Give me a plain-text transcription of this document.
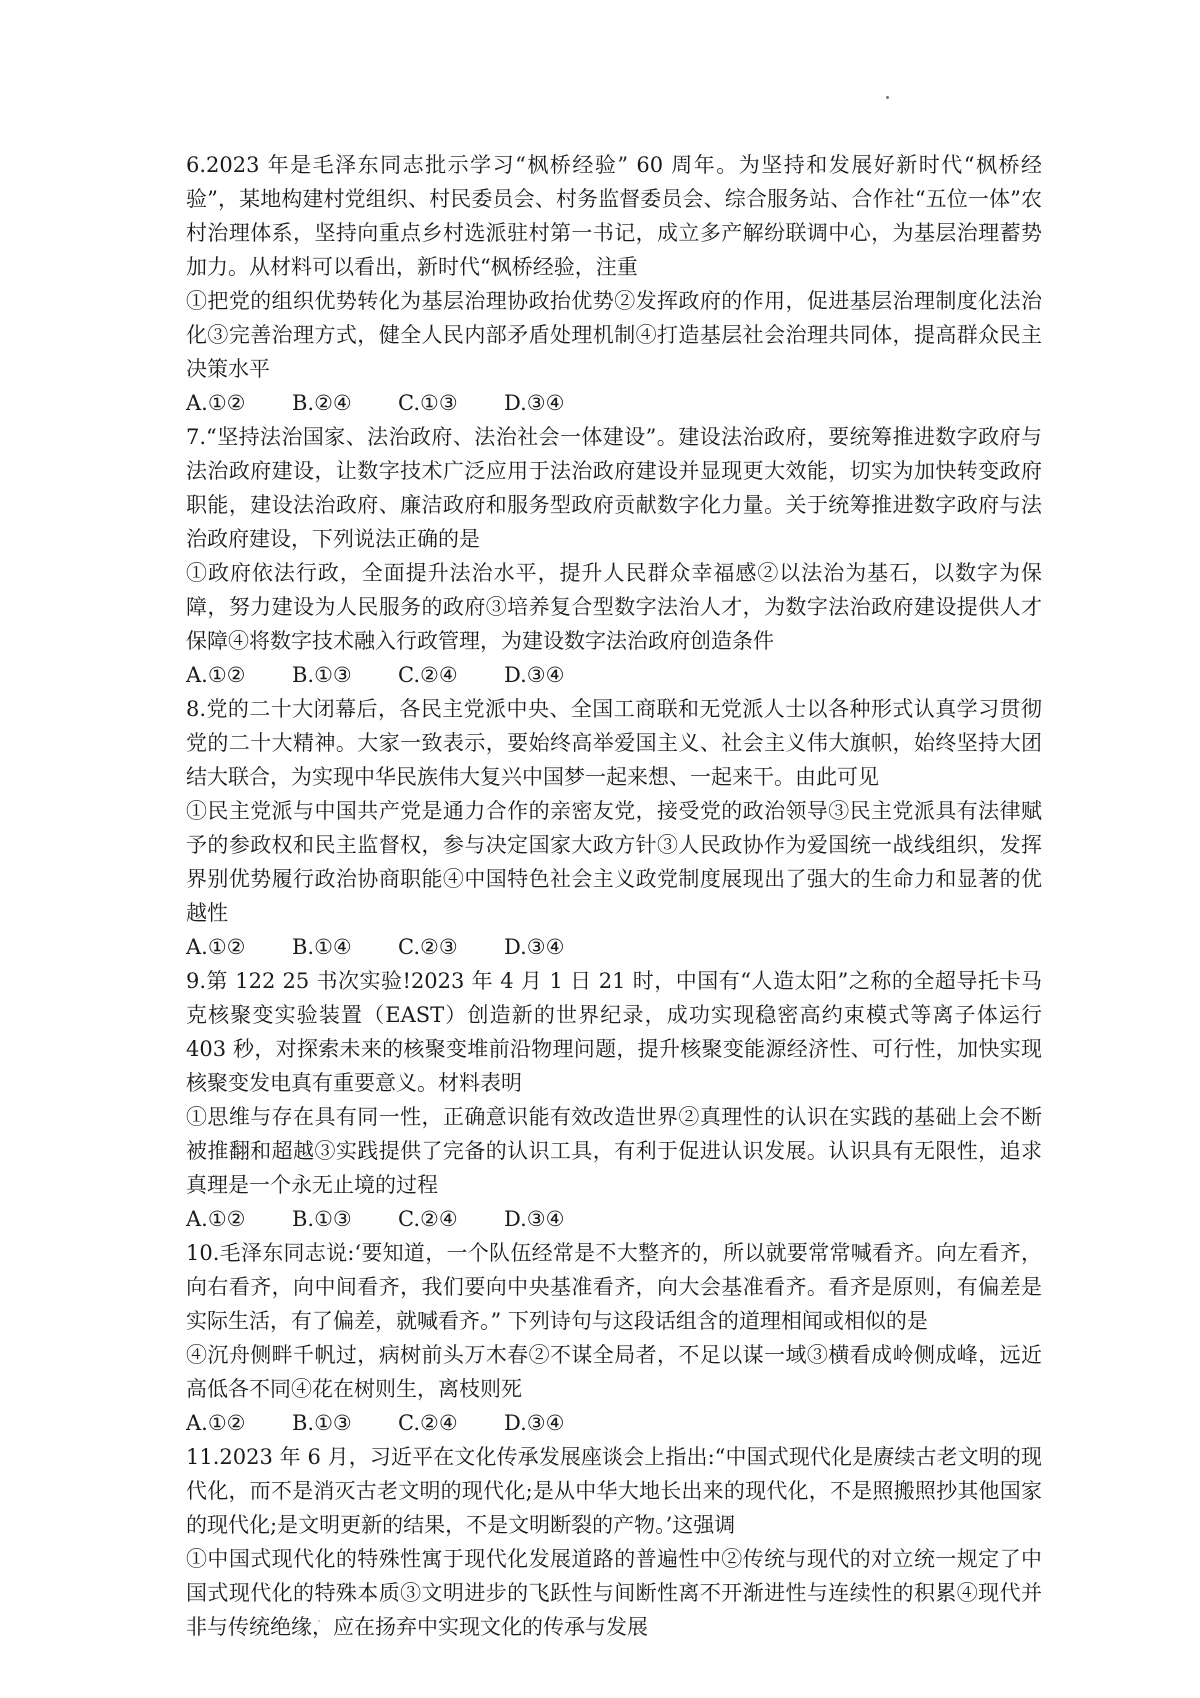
6.2023 年是毛泽东同志批示学习“枫桥经验” 60 周年。为坚持和发展好新时代“枫桥经验”，某地构建村党组织、村民委员会、村务监督委员会、综合服务站、合作社“五位一体”农村治理体系，坚持向重点乡村选派驻村第一书记，成立多产解纷联调中心，为基层治理蓄势加力。从材料可以看出，新时代“枫桥经验，注重

①把党的组织优势转化为基层治理协政抬优势②发挥政府的作用，促进基层治理制度化法治化③完善治理方式，健全人民内部矛盾处理机制④打造基层社会治理共同体，提高群众民主决策水平

A.①②	B.②④	C.①③	D.③④

7.“坚持法治国家、法治政府、法治社会一体建设”。建设法治政府，要统筹推进数字政府与法治政府建设，让数字技术广泛应用于法治政府建设并显现更大效能，切实为加快转变政府职能，建设法治政府、廉洁政府和服务型政府贡献数字化力量。关于统筹推进数字政府与法治政府建设，下列说法正确的是

①政府依法行政，全面提升法治水平，提升人民群众幸福感②以法治为基石，以数字为保障，努力建设为人民服务的政府③培养复合型数字法治人才，为数字法治政府建设提供人才保障④将数字技术融入行政管理，为建设数字法治政府创造条件

A.①②	B.①③	C.②④	D.③④

8.党的二十大闭幕后，各民主党派中央、全国工商联和无党派人士以各种形式认真学习贯彻党的二十大精神。大家一致表示，要始终高举爱国主义、社会主义伟大旗帜，始终坚持大团结大联合，为实现中华民族伟大复兴中国梦一起来想、一起来干。由此可见

①民主党派与中国共产党是通力合作的亲密友党，接受党的政治领导③民主党派具有法律赋予的参政权和民主监督权，参与决定国家大政方针③人民政协作为爱国统一战线组织，发挥界别优势履行政治协商职能④中国特色社会主义政党制度展现出了强大的生命力和显著的优越性

A.①②	B.①④	C.②③	D.③④

9.第 122 25 书次实验!2023 年 4 月 1 日 21 时，中国有“人造太阳”之称的全超导托卡马克核聚变实验装置（EAST）创造新的世界纪录，成功实现稳密高约束模式等离子体运行 403 秒，对探索未来的核聚变堆前沿物理问题，提升核聚变能源经济性、可行性，加快实现核聚变发电真有重要意义。材料表明

①思维与存在具有同一性，正确意识能有效改造世界②真理性的认识在实践的基础上会不断被推翻和超越③实践提供了完备的认识工具，有利于促进认识发展。认识具有无限性，追求真理是一个永无止境的过程

A.①②	B.①③	C.②④	D.③④

10.毛泽东同志说:‘要知道，一个队伍经常是不大整齐的，所以就要常常喊看齐。向左看齐，向右看齐，向中间看齐，我们要向中央基准看齐，向大会基准看齐。看齐是原则，有偏差是实际生活，有了偏差，就喊看齐。” 下列诗句与这段话组含的道理相闻或相似的是

④沉舟侧畔千帆过，病树前头万木春②不谋全局者，不足以谋一域③横看成岭侧成峰，远近高低各不同④花在树则生，离枝则死

A.①②	B.①③	C.②④	D.③④

11.2023 年 6 月，习近平在文化传承发展座谈会上指出:“中国式现代化是赓续古老文明的现代化，而不是消灭古老文明的现代化;是从中华大地长出来的现代化，不是照搬照抄其他国家的现代化;是文明更新的结果，不是文明断裂的产物。’这强调

①中国式现代化的特殊性寓于现代化发展道路的普遍性中②传统与现代的对立统一规定了中国式现代化的特殊本质③文明进步的飞跃性与间断性离不开渐进性与连续性的积累④现代并非与传统绝缘，应在扬弃中实现文化的传承与发展
